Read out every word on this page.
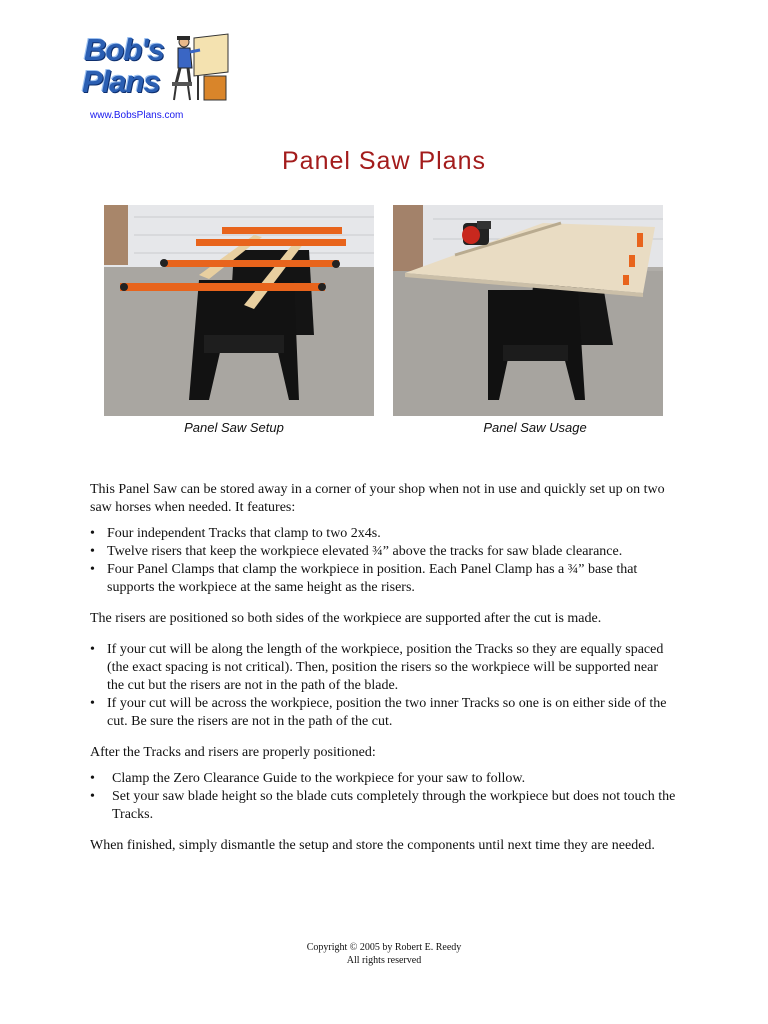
Bob's
Plans
www.BobsPlans.com
Panel Saw Plans
Panel Saw Setup	Panel Saw Usage

This Panel Saw can be stored away in a corner of your shop when not in use and quickly set up on two saw horses when needed. It features:

• Four independent Tracks that clamp to two 2x4s.
• Twelve risers that keep the workpiece elevated ¾” above the tracks for saw blade clearance.
• Four Panel Clamps that clamp the workpiece in position. Each Panel Clamp has a ¾” base that supports the workpiece at the same height as the risers.

The risers are positioned so both sides of the workpiece are supported after the cut is made.

• If your cut will be along the length of the workpiece, position the Tracks so they are equally spaced (the exact spacing is not critical). Then, position the risers so the workpiece will be supported near the cut but the risers are not in the path of the blade.
• If your cut will be across the workpiece, position the two inner Tracks so one is on either side of the cut. Be sure the risers are not in the path of the cut.

After the Tracks and risers are properly positioned:

• Clamp the Zero Clearance Guide to the workpiece for your saw to follow.
• Set your saw blade height so the blade cuts completely through the workpiece but does not touch the Tracks.

When finished, simply dismantle the setup and store the components until next time they are needed.

Copyright © 2005 by Robert E. Reedy
All rights reserved
